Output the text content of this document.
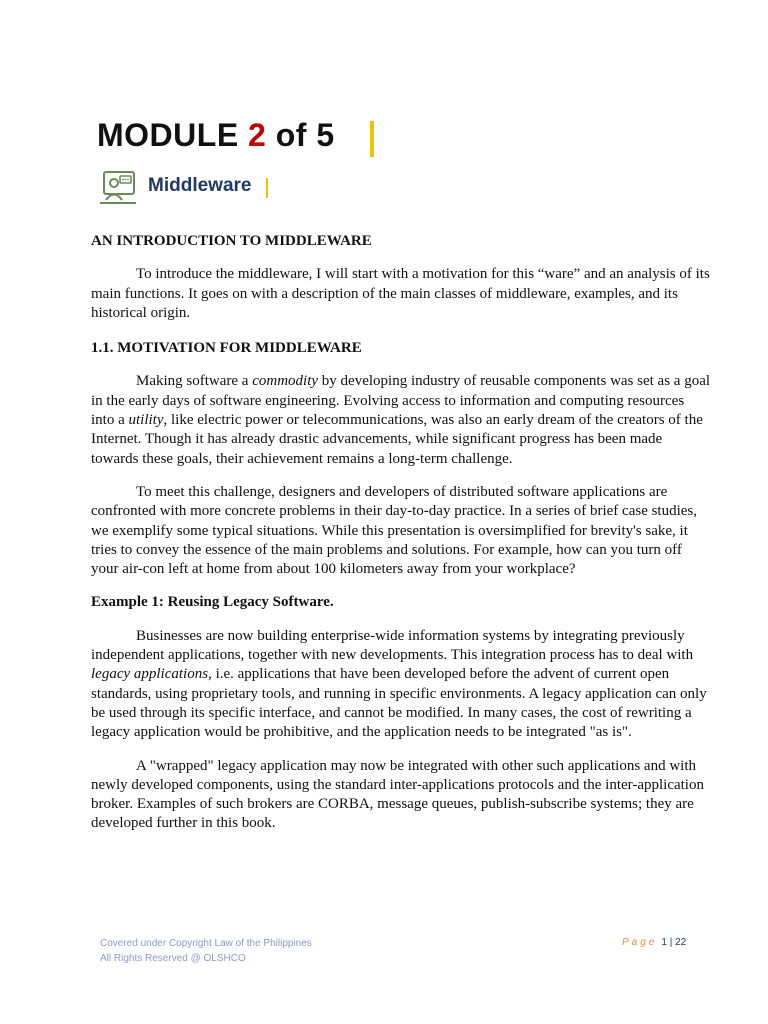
MODULE 2 of 5
Middleware
AN INTRODUCTION TO MIDDLEWARE

To introduce the middleware, I will start with a motivation for this “ware” and an analysis of its main functions. It goes on with a description of the main classes of middleware, examples, and its historical origin.

1.1. MOTIVATION FOR MIDDLEWARE

Making software a commodity by developing industry of reusable components was set as a goal in the early days of software engineering. Evolving access to information and computing resources into a utility, like electric power or telecommunications, was also an early dream of the creators of the Internet. Though it has already drastic advancements, while significant progress has been made towards these goals, their achievement remains a long-term challenge.

To meet this challenge, designers and developers of distributed software applications are confronted with more concrete problems in their day-to-day practice. In a series of brief case studies, we exemplify some typical situations. While this presentation is oversimplified for brevity's sake, it tries to convey the essence of the main problems and solutions. For example, how can you turn off your air-con left at home from about 100 kilometers away from your workplace?

Example 1: Reusing Legacy Software.

Businesses are now building enterprise-wide information systems by integrating previously independent applications, together with new developments. This integration process has to deal with legacy applications, i.e. applications that have been developed before the advent of current open standards, using proprietary tools, and running in specific environments. A legacy application can only be used through its specific interface, and cannot be modified. In many cases, the cost of rewriting a legacy application would be prohibitive, and the application needs to be integrated "as is".

A "wrapped" legacy application may now be integrated with other such applications and with newly developed components, using the standard inter-applications protocols and the inter-application broker. Examples of such brokers are CORBA, message queues, publish-subscribe systems; they are developed further in this book.

Covered under Copyright Law of the Philippines
All Rights Reserved @ OLSHCO
Page 1 | 22
